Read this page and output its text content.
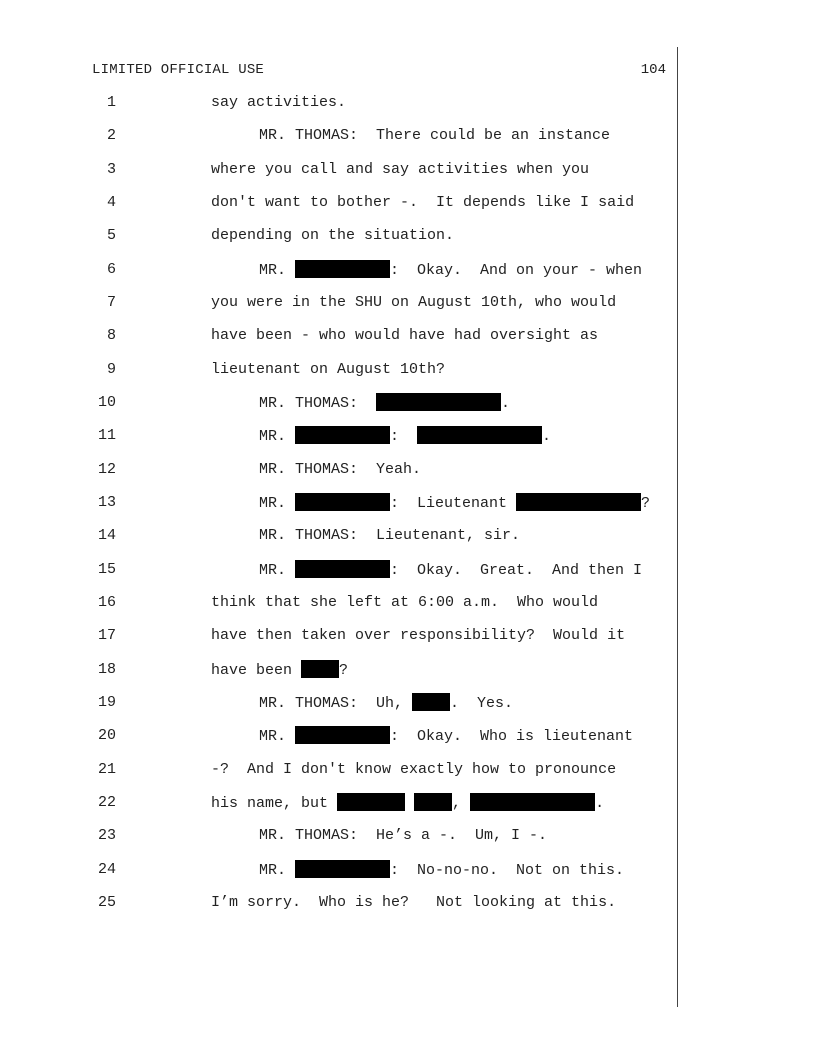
LIMITED OFFICIAL USE	104
1	say activities.
2	MR. THOMAS:  There could be an instance
3	where you call and say activities when you
4	don't want to bother -.  It depends like I said
5	depending on the situation.
6	MR.	:  Okay.  And on your - when
7	you were in the SHU on August 10th, who would
8	have been - who would have had oversight as
9	lieutenant on August 10th?
10	MR. THOMAS:	.
11	MR.	:	.
12	MR. THOMAS:  Yeah.
13	MR.	:  Lieutenant	?
14	MR. THOMAS:  Lieutenant, sir.
15	MR.	:  Okay.  Great.  And then I
16	think that she left at 6:00 a.m.  Who would
17	have then taken over responsibility?  Would it
18	have been	?
19	MR. THOMAS:  Uh,	.  Yes.
20	MR.	:  Okay.  Who is lieutenant
21	-?  And I don't know exactly how to pronounce
22	his name, but	,	.
23	MR. THOMAS:  He’s a -.  Um, I -.
24	MR.	:  No-no-no.  Not on this.
25	I’m sorry.  Who is he?   Not looking at this.
